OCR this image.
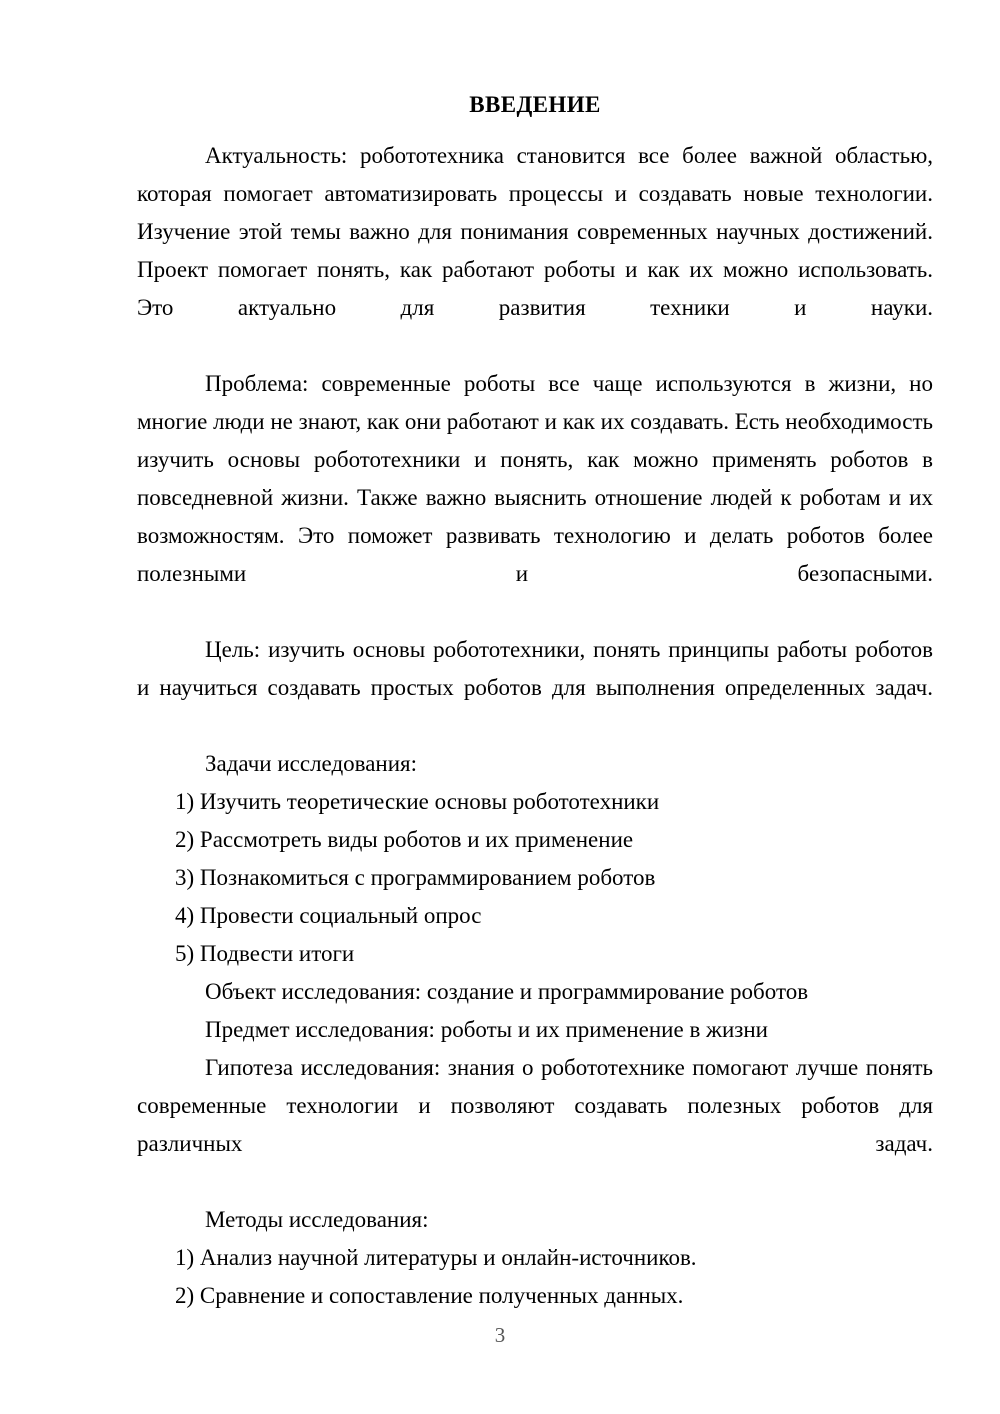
ВВЕДЕНИЕ

Актуальность: робототехника становится все более важной областью, которая помогает автоматизировать процессы и создавать новые технологии. Изучение этой темы важно для понимания современных научных достижений. Проект помогает понять, как работают роботы и как их можно использовать. Это актуально для развития техники и науки.

Проблема: современные роботы все чаще используются в жизни, но многие люди не знают, как они работают и как их создавать. Есть необходимость изучить основы робототехники и понять, как можно применять роботов в повседневной жизни. Также важно выяснить отношение людей к роботам и их возможностям. Это поможет развивать технологию и делать роботов более полезными и безопасными.

Цель: изучить основы робототехники, понять принципы работы роботов и научиться создавать простых роботов для выполнения определенных задач.

Задачи исследования:

1) Изучить теоретические основы робототехники
2) Рассмотреть виды роботов и их применение
3) Познакомиться с программированием роботов
4) Провести социальный опрос
5) Подвести итоги

Объект исследования: создание и программирование роботов

Предмет исследования: роботы и их применение в жизни

Гипотеза исследования: знания о робототехнике помогают лучше понять современные технологии и позволяют создавать полезных роботов для различных задач.

Методы исследования:

1) Анализ научной литературы и онлайн-источников.
2) Сравнение и сопоставление полученных данных.
3
